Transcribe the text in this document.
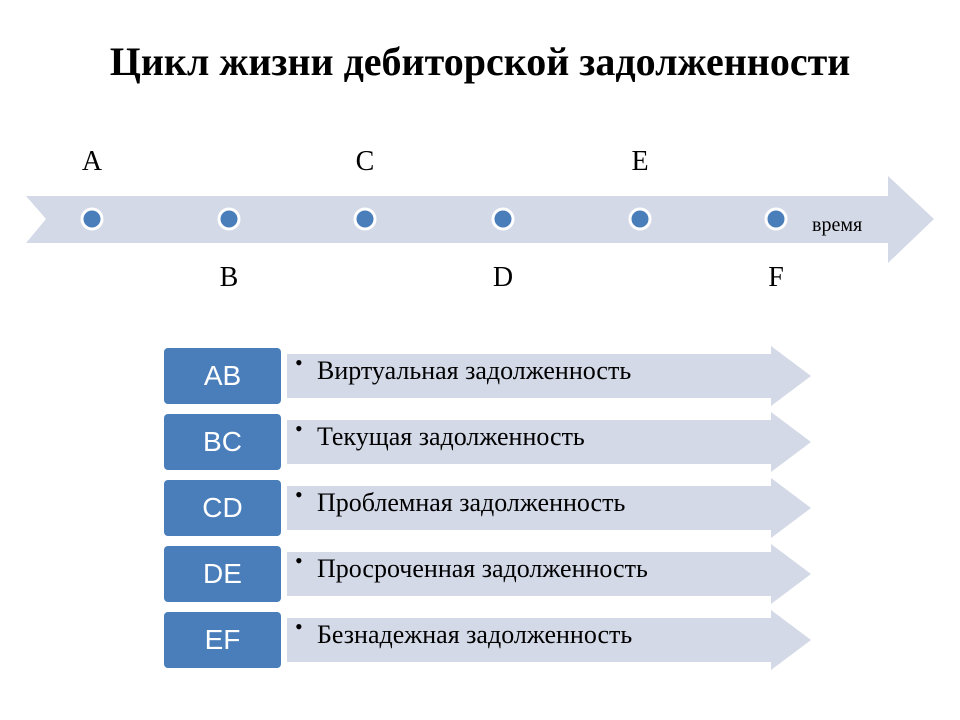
Цикл жизни дебиторской задолженности
A	C	E
B	D	F
время
AB	• Виртуальная задолженность
BC	• Текущая задолженность
CD	• Проблемная задолженность
DE	• Просроченная задолженность
EF	• Безнадежная задолженность
